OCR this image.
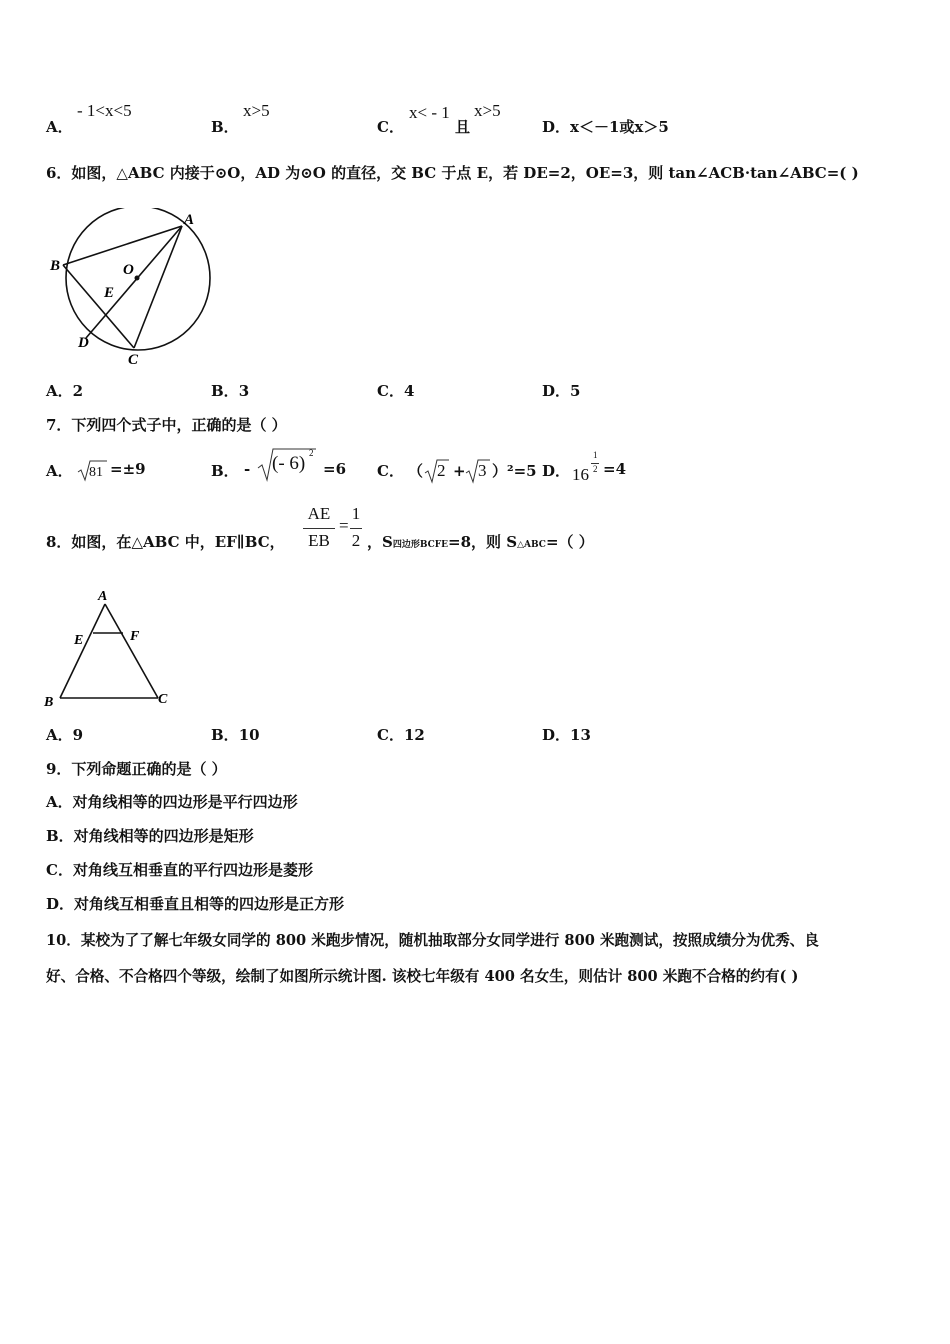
A．
- 1<x<5
B．
x>5
C．
x< - 1
且
x>5
D． x＜－1或x＞5
6．如图，△ABC 内接于⊙O，AD 为⊙O 的直径，交 BC 于点 E，若 DE=2，OE=3，则 tan∠ACB·tan∠ABC=( )
A
B
C
D
E
O
A．2	B．3	C．4	D．5
7．下列四个式子中，正确的是（ ）
A． 81 =±9	B． - (- 6) 2
=6 C． （ 2 + 3 ）²=5 D． 16
1
2 =4
8．如图，在△ABC 中，EF∥BC，
AE
EB
=
1
2 ，S四边形BCFE=8，则 S△ABC=（ ）
A
B	C
E	F
A．9	B．10	C．12	D．13
9．下列命题正确的是（ ）
A．对角线相等的四边形是平行四边形
B．对角线相等的四边形是矩形
C．对角线互相垂直的平行四边形是菱形
D．对角线互相垂直且相等的四边形是正方形
10．某校为了了解七年级女同学的 800 米跑步情况，随机抽取部分女同学进行 800 米跑测试，按照成绩分为优秀、良
好、合格、不合格四个等级，绘制了如图所示统计图. 该校七年级有 400 名女生，则估计 800 米跑不合格的约有( )
